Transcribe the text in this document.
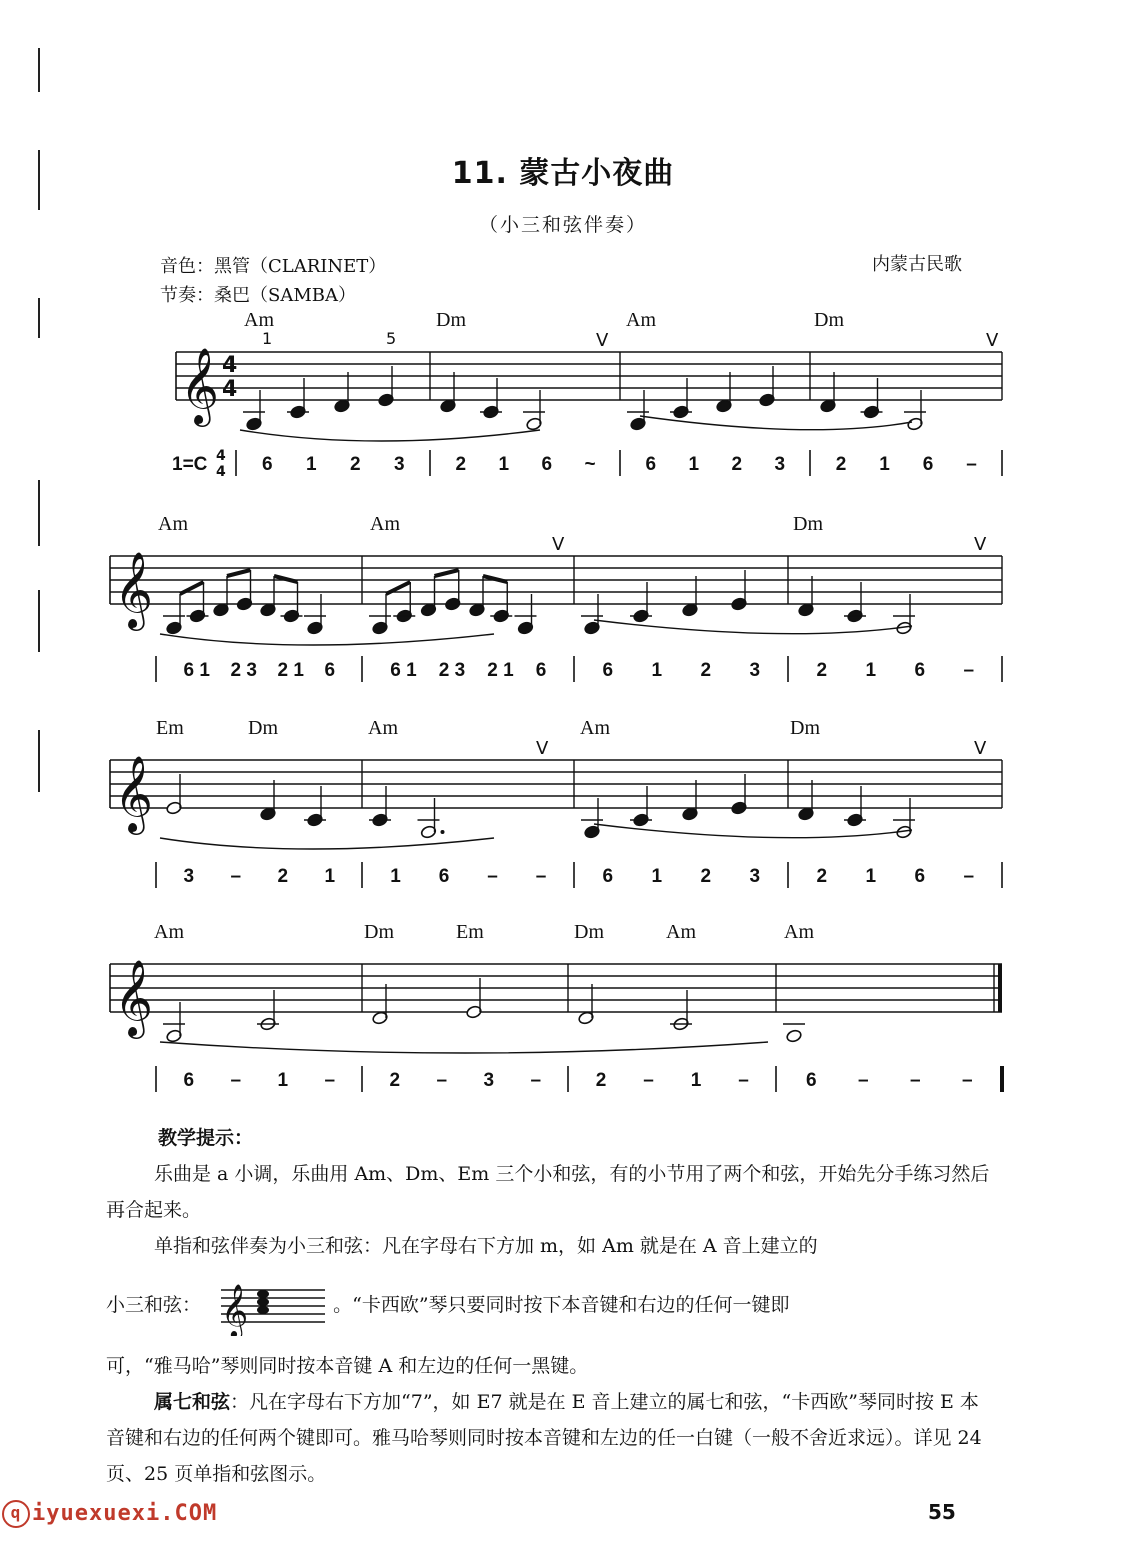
11. 蒙古小夜曲
（小三和弦伴奏）
音色：黑管（CLARINET）
节奏：桑巴（SAMBA）
内蒙古民歌
𝄞 4
4
Am	Dm	Am	Dm
V	V
1	5
1=C 4
4 6 1 2 3	2 1 6 ~	6 1 2 3	2 1 6 –
𝄞
Am	Am	Dm
V	V
6 1 2 3 2 1 6	6 1 2 3 2 1 6	6 1 2 3	2 1 6 –
𝄞
Em	Dm	Am	Am	Dm
V	V
3 – 2 1	1 6 – –	6 1 2 3	2 1 6 –
𝄞
Am	Dm	Em	Dm	Am	Am
6 – 1 –	2 – 3 –	2 – 1 –	6 – – –

教学提示：

乐曲是 a 小调，乐曲用 Am、Dm、Em 三个小和弦，有的小节用了两个和弦，开始先分手练习然后再合起来。

单指和弦伴奏为小三和弦：凡在字母右下方加 m，如 Am 就是在 A 音上建立的

小三和弦： 𝄞	。“卡西欧”琴只要同时按下本音键和右边的任何一键即

可，“雅马哈”琴则同时按本音键 A 和左边的任何一黑键。

属七和弦：凡在字母右下方加“7”，如 E7 就是在 E 音上建立的属七和弦，“卡西欧”琴同时按 E 本音键和右边的任何两个键即可。雅马哈琴则同时按本音键和左边的任一白键（一般不舍近求远）。详见 24 页、25 页单指和弦图示。

q iyuexuexi.COM	55
